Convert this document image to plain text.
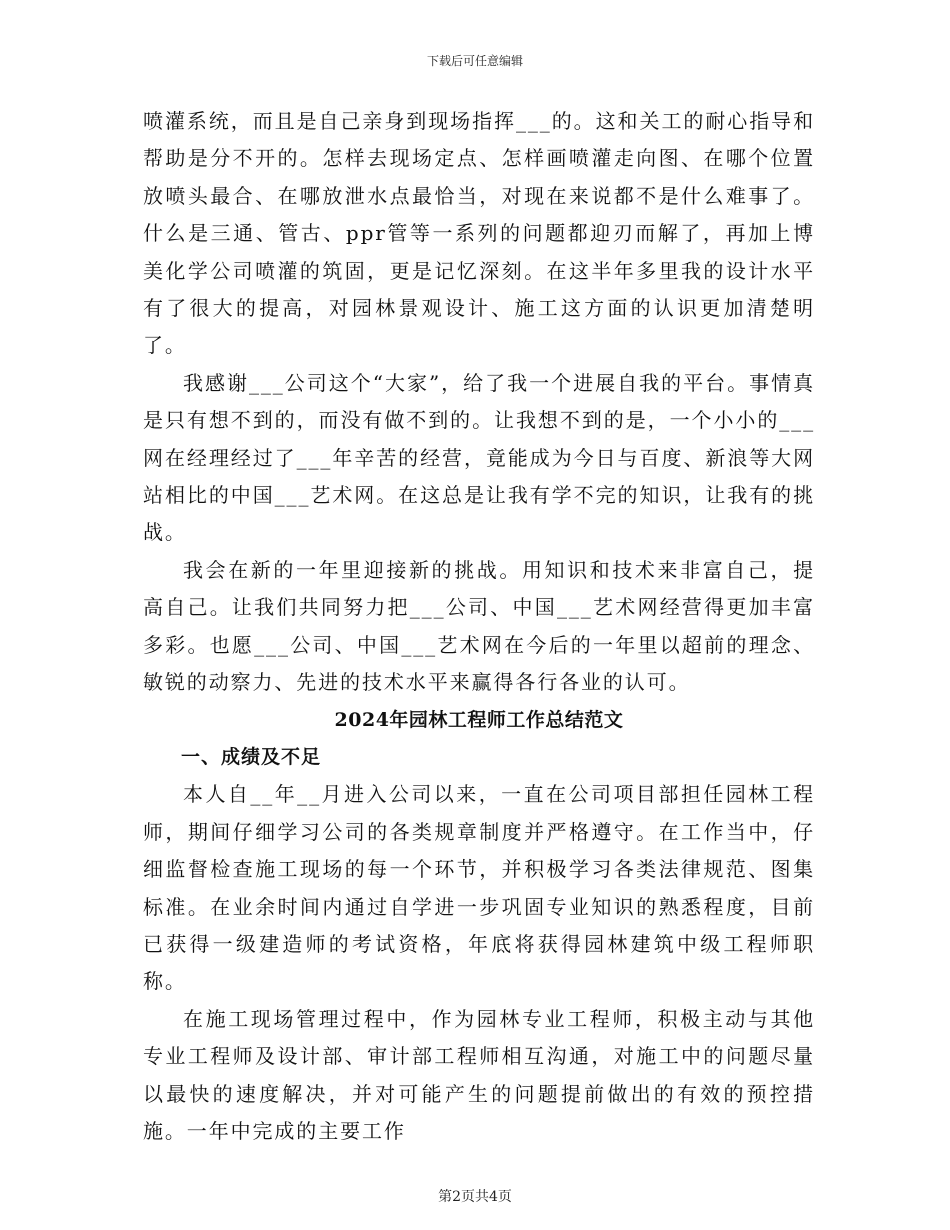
下载后可任意编辑

喷灌系统，而且是自己亲身到现场指挥___的。这和关工的耐心指导和帮助是分不开的。怎样去现场定点、怎样画喷灌走向图、在哪个位置放喷头最合、在哪放泄水点最恰当，对现在来说都不是什么难事了。什么是三通、管古、ppr管等一系列的问题都迎刃而解了，再加上博美化学公司喷灌的筑固，更是记忆深刻。在这半年多里我的设计水平有了很大的提高，对园林景观设计、施工这方面的认识更加清楚明了。

我感谢___公司这个“大家”，给了我一个进展自我的平台。事情真是只有想不到的，而没有做不到的。让我想不到的是，一个小小的___网在经理经过了___年辛苦的经营，竟能成为今日与百度、新浪等大网站相比的中国___艺术网。在这总是让我有学不完的知识，让我有的挑战。

我会在新的一年里迎接新的挑战。用知识和技术来非富自己，提高自己。让我们共同努力把___公司、中国___艺术网经营得更加丰富多彩。也愿___公司、中国___艺术网在今后的一年里以超前的理念、敏锐的动察力、先进的技术水平来赢得各行各业的认可。

2024年园林工程师工作总结范文
一、成绩及不足

本人自__年__月进入公司以来，一直在公司项目部担任园林工程师，期间仔细学习公司的各类规章制度并严格遵守。在工作当中，仔细监督检查施工现场的每一个环节，并积极学习各类法律规范、图集标准。在业余时间内通过自学进一步巩固专业知识的熟悉程度，目前已获得一级建造师的考试资格，年底将获得园林建筑中级工程师职称。

在施工现场管理过程中，作为园林专业工程师，积极主动与其他专业工程师及设计部、审计部工程师相互沟通，对施工中的问题尽量以最快的速度解决，并对可能产生的问题提前做出的有效的预控措施。一年中完成的主要工作

第2页共4页
